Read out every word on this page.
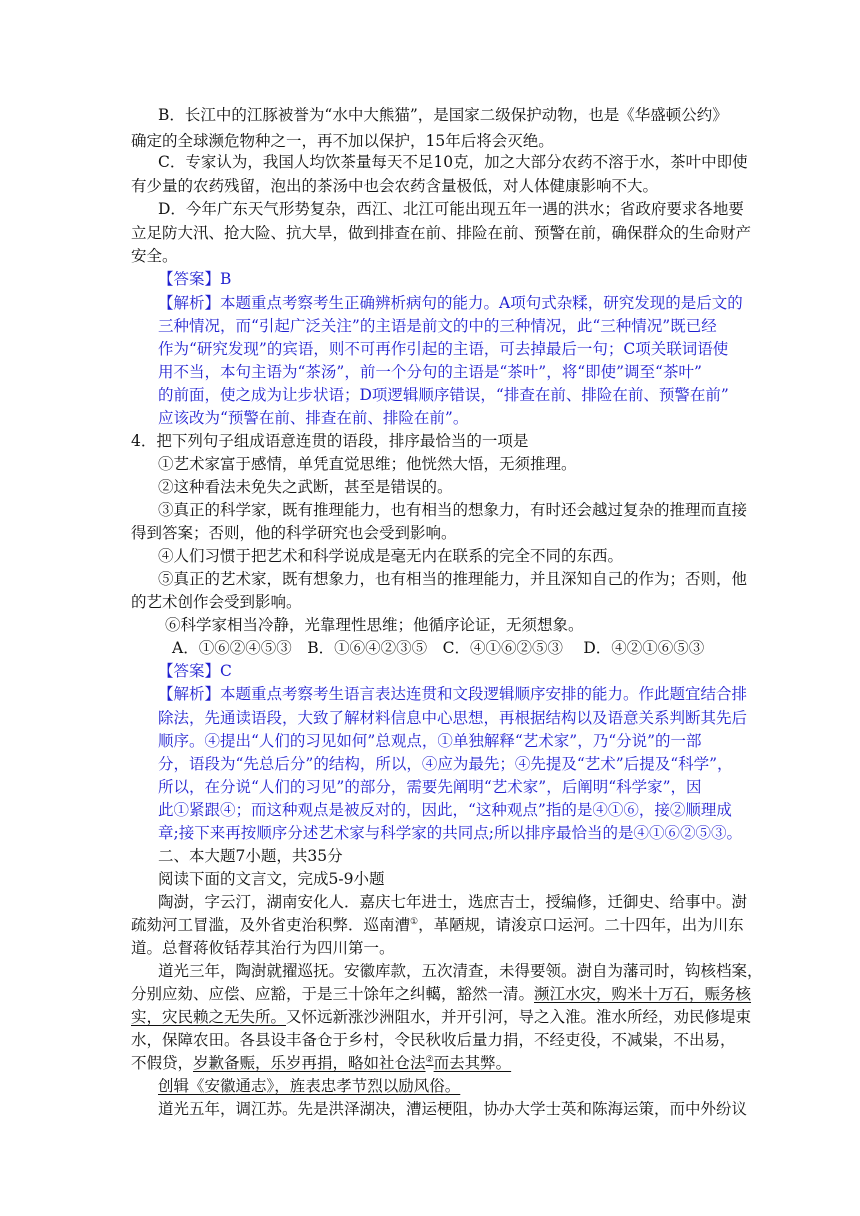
B．长江中的江豚被誉为“水中大熊猫”，是国家二级保护动物，也是《华盛顿公约》
确定的全球濒危物种之一，再不加以保护，15年后将会灭绝。
C．专家认为，我国人均饮茶量每天不足10克，加之大部分农药不溶于水，茶叶中即使
有少量的农药残留，泡出的茶汤中也会农药含量极低，对人体健康影响不大。
D．今年广东天气形势复杂，西江、北江可能出现五年一遇的洪水；省政府要求各地要
立足防大汛、抢大险、抗大旱，做到排查在前、排险在前、预警在前，确保群众的生命财产
安全。
【答案】B
【解析】本题重点考察考生正确辨析病句的能力。A项句式杂糅，研究发现的是后文的
三种情况，而“引起广泛关注”的主语是前文的中的三种情况，此“三种情况”既已经
作为“研究发现”的宾语，则不可再作引起的主语，可去掉最后一句；C项关联词语使
用不当，本句主语为“茶汤”，前一个分句的主语是“茶叶”，将“即使”调至“茶叶”
的前面，使之成为让步状语；D项逻辑顺序错误，“排查在前、排险在前、预警在前”
应该改为“预警在前、排查在前、排险在前”。
4．把下列句子组成语意连贯的语段，排序最恰当的一项是
①艺术家富于感情，单凭直觉思维；他恍然大悟，无须推理。
②这种看法未免失之武断，甚至是错误的。
③真正的科学家，既有推理能力，也有相当的想象力，有时还会越过复杂的推理而直接
得到答案；否则，他的科学研究也会受到影响。
④人们习惯于把艺术和科学说成是毫无内在联系的完全不同的东西。
⑤真正的艺术家，既有想象力，也有相当的推理能力，并且深知自己的作为；否则，他
的艺术创作会受到影响。
⑥科学家相当冷静，光靠理性思维；他循序论证，无须想象。
A．①⑥②④⑤③　B．①⑥④②③⑤　C．④①⑥②⑤③　 D．④②①⑥⑤③
【答案】C
【解析】本题重点考察考生语言表达连贯和文段逻辑顺序安排的能力。作此题宜结合排
除法，先通读语段，大致了解材料信息中心思想，再根据结构以及语意关系判断其先后
顺序。④提出“人们的习见如何”总观点，①单独解释“艺术家”，乃“分说”的一部
分，语段为“先总后分”的结构，所以，④应为最先；④先提及“艺术”后提及“科学”，
所以，在分说“人们的习见”的部分，需要先阐明“艺术家”，后阐明“科学家”，因
此①紧跟④；而这种观点是被反对的，因此，“这种观点”指的是④①⑥，接②顺理成
章;接下来再按顺序分述艺术家与科学家的共同点;所以排序最恰当的是④①⑥②⑤③。
二、本大题7小题，共35分
阅读下面的文言文，完成5-9小题
陶澍，字云汀，湖南安化人．嘉庆七年进士，选庶吉士，授编修，迁御史、给事中。澍
疏劾河工冒滥，及外省吏治积弊．巡南漕①，革陋规，请浚京口运河。二十四年，出为川东
道。总督蒋攸铦荐其治行为四川第一。
道光三年，陶澍就擢巡抚。安徽库款，五次清查，未得要领。澍自为藩司时，钩核档案，
分别应劾、应偿、应豁，于是三十馀年之纠轕，豁然一清。濒江水灾，购米十万石，赈务核
实，灾民赖之无失所。又怀远新涨沙洲阻水，并开引河，导之入淮。淮水所经，劝民修堤束
水，保障农田。各县设丰备仓于乡村，令民秋收后量力捐，不经吏役，不减粜，不出易，
不假贷，岁歉备赈，乐岁再捐，略如社仓法②而去其弊。
创辑《安徽通志》，旌表忠孝节烈以励风俗。
道光五年，调江苏。先是洪泽湖决，漕运梗阻，协办大学士英和陈海运策，而中外纷议
